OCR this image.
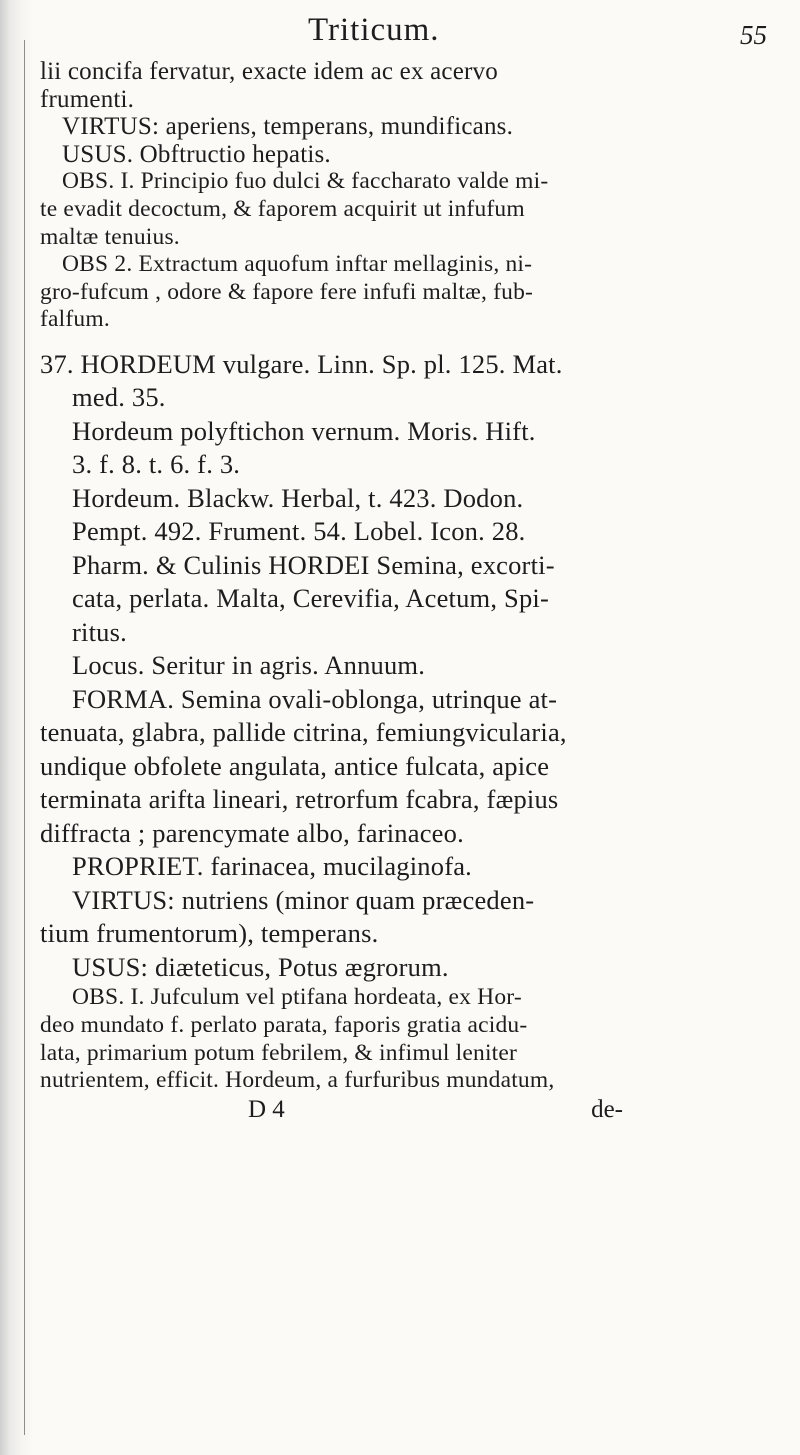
Triticum.	55
lii concifa fervatur, exacte idem ac ex acervo
frumenti.
VIRTUS: aperiens, temperans, mundificans.
USUS. Obftructio hepatis.
OBS. I. Principio fuo dulci & faccharato valde mi-
te evadit decoctum, & faporem acquirit ut infufum
maltæ tenuius.
OBS 2. Extractum aquofum inftar mellaginis, ni-
gro-fufcum , odore & fapore fere infufi maltæ, fub-
falfum.
37. HORDEUM vulgare. Linn. Sp. pl. 125. Mat.
med. 35.
Hordeum polyftichon vernum. Moris. Hift.
3. f. 8. t. 6. f. 3.
Hordeum. Blackw. Herbal, t. 423. Dodon.
Pempt. 492. Frument. 54. Lobel. Icon. 28.
Pharm. & Culinis HORDEI Semina, excorti-
cata, perlata. Malta, Cerevifia, Acetum, Spi-
ritus.
Locus. Seritur in agris. Annuum.
FORMA. Semina ovali-oblonga, utrinque at-
tenuata, glabra, pallide citrina, femiungvicularia,
undique obfolete angulata, antice fulcata, apice
terminata arifta lineari, retrorfum fcabra, fæpius
diffracta ; parencymate albo, farinaceo.
PROPRIET. farinacea, mucilaginofa.
VIRTUS: nutriens (minor quam præceden-
tium frumentorum), temperans.
USUS: diæteticus, Potus ægrorum.
OBS. I. Jufculum vel ptifana hordeata, ex Hor-
deo mundato f. perlato parata, faporis gratia acidu-
lata, primarium potum febrilem, & infimul leniter
nutrientem, efficit. Hordeum, a furfuribus mundatum,
D 4	de-
